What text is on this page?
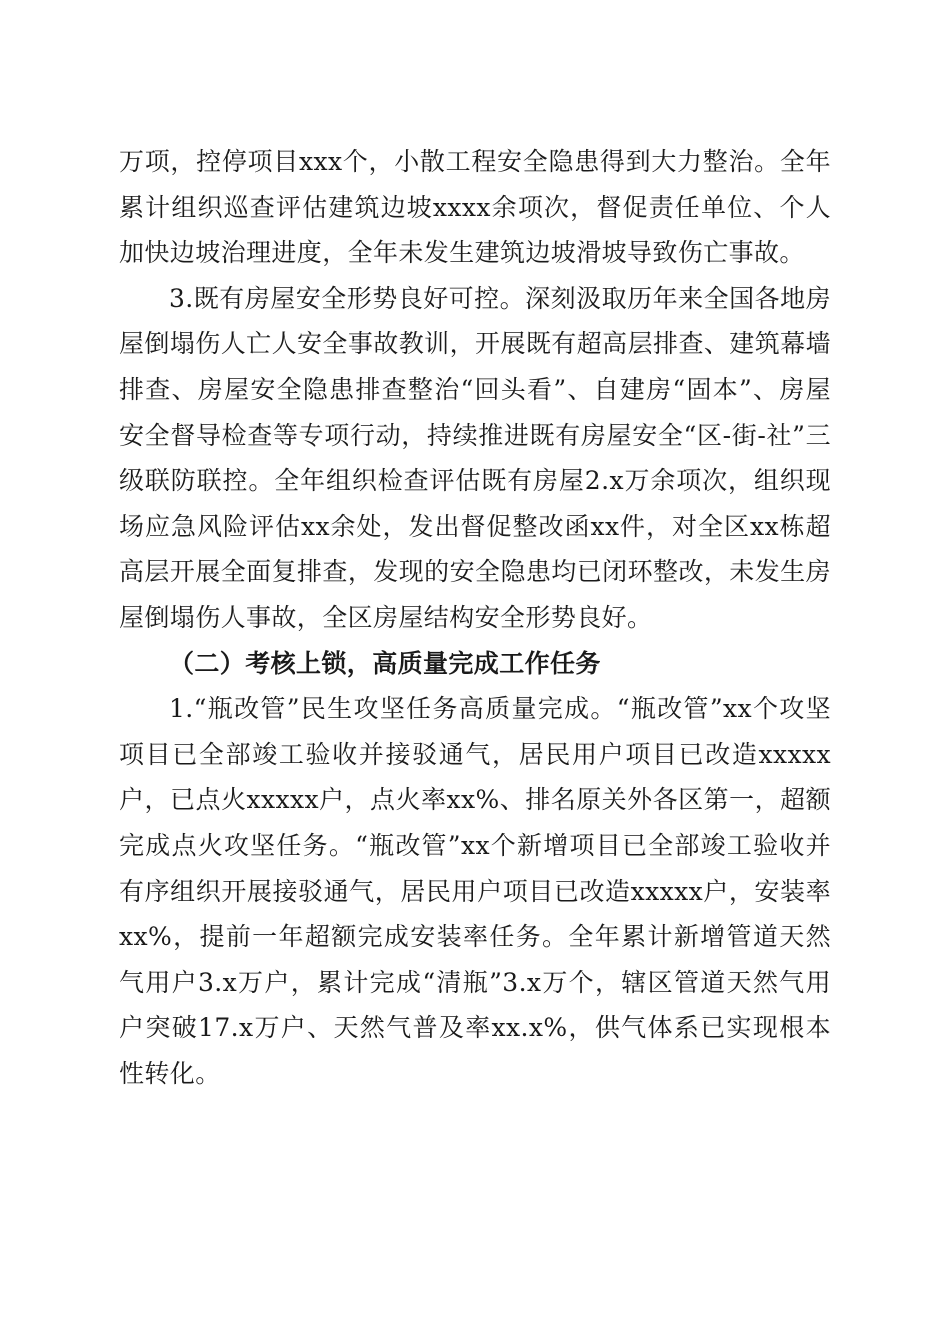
万项，控停项目xxx个，小散工程安全隐患得到大力整治。全年累计组织巡查评估建筑边坡xxxx余项次，督促责任单位、个人加快边坡治理进度，全年未发生建筑边坡滑坡导致伤亡事故。

3.既有房屋安全形势良好可控。深刻汲取历年来全国各地房屋倒塌伤人亡人安全事故教训，开展既有超高层排查、建筑幕墙排查、房屋安全隐患排查整治“回头看”、自建房“固本”、房屋安全督导检查等专项行动，持续推进既有房屋安全“区-街-社”三级联防联控。全年组织检查评估既有房屋2.x万余项次，组织现场应急风险评估xx余处，发出督促整改函xx件，对全区xx栋超高层开展全面复排查，发现的安全隐患均已闭环整改，未发生房屋倒塌伤人事故，全区房屋结构安全形势良好。

（二）考核上锁，高质量完成工作任务

1.“瓶改管”民生攻坚任务高质量完成。“瓶改管”xx个攻坚项目已全部竣工验收并接驳通气，居民用户项目已改造xxxxx户，已点火xxxxx户，点火率xx%、排名原关外各区第一，超额完成点火攻坚任务。“瓶改管”xx个新增项目已全部竣工验收并有序组织开展接驳通气，居民用户项目已改造xxxxx户，安装率xx%，提前一年超额完成安装率任务。全年累计新增管道天然气用户3.x万户，累计完成“清瓶”3.x万个，辖区管道天然气用户突破17.x万户、天然气普及率xx.x%，供气体系已实现根本性转化。
